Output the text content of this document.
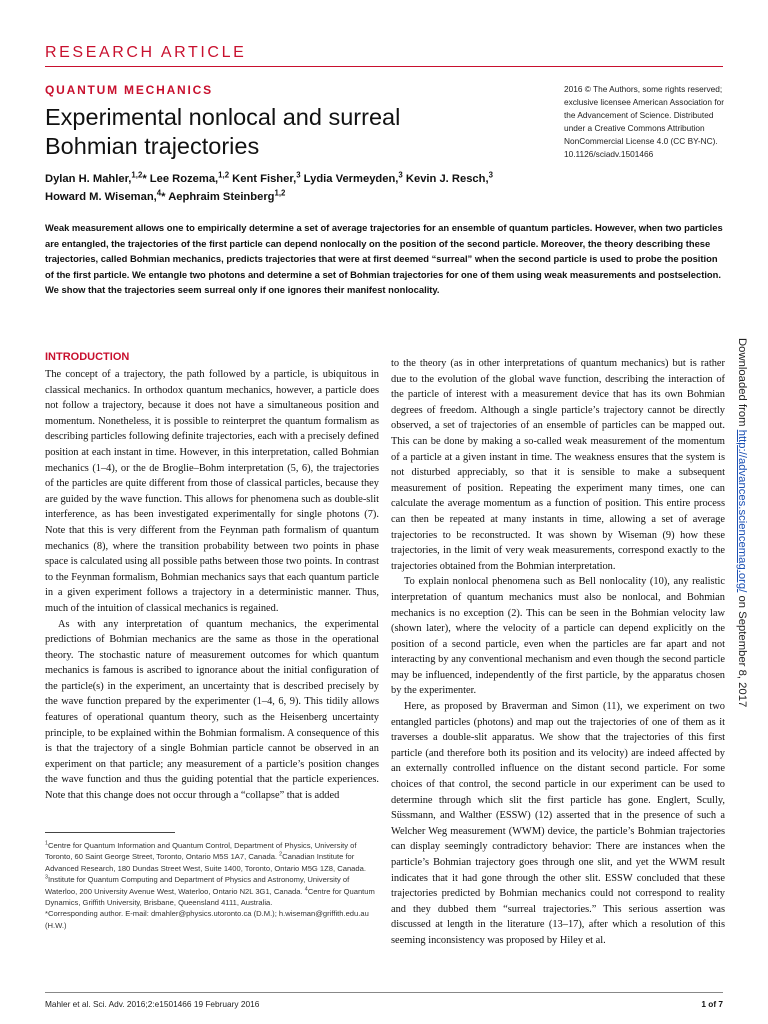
RESEARCH ARTICLE
QUANTUM MECHANICS
Experimental nonlocal and surreal
Bohmian trajectories
2016 © The Authors, some rights reserved;
exclusive licensee American Association for
the Advancement of Science. Distributed
under a Creative Commons Attribution
NonCommercial License 4.0 (CC BY-NC).
10.1126/sciadv.1501466
Dylan H. Mahler,$^{1,2}$* Lee Rozema,$^{1,2}$ Kent Fisher,$^3$ Lydia Vermeyden,$^3$ Kevin J. Resch,$^3$
Howard M. Wiseman,$^4$* Aephraim Steinberg$^{1,2}$

Weak measurement allows one to empirically determine a set of average trajectories for an ensemble of quantum particles. However, when two particles are entangled, the trajectories of the first particle can depend nonlocally on the position of the second particle. Moreover, the theory describing these trajectories, called Bohmian mechanics, predicts trajectories that were at first deemed “surreal” when the second particle is used to probe the position of the first particle. We entangle two photons and determine a set of Bohmian trajectories for one of them using weak measurements and postselection. We show that the trajectories seem surreal only if one ignores their manifest nonlocality.

INTRODUCTION

The concept of a trajectory, the path followed by a particle, is ubiquitous in classical mechanics. In orthodox quantum mechanics, however, a particle does not follow a trajectory, because it does not have a simultaneous position and momentum. Nonetheless, it is possible to reinterpret the quantum formalism as describing particles following definite trajectories, each with a precisely defined position at each instant in time. However, in this interpretation, called Bohmian mechanics (1–4), or the de Broglie–Bohm interpretation (5, 6), the trajectories of the particles are quite different from those of classical particles, because they are guided by the wave function. This allows for phenomena such as double-slit interference, as has been investigated experimentally for single photons (7). Note that this is very different from the Feynman path formalism of quantum mechanics (8), where the transition probability between two points in phase space is calculated using all possible paths between those two points. In contrast to the Feynman formalism, Bohmian mechanics says that each quantum particle in a given experiment follows a trajectory in a deterministic manner. Thus, much of the intuition of classical mechanics is regained.

As with any interpretation of quantum mechanics, the experimental predictions of Bohmian mechanics are the same as those in the operational theory. The stochastic nature of measurement outcomes for which quantum mechanics is famous is ascribed to ignorance about the initial configuration of the particle(s) in the experiment, an uncertainty that is described precisely by the wave function prepared by the experimenter (1–4, 6, 9). This tidily allows features of operational quantum theory, such as the Heisenberg uncertainty principle, to be explained within the Bohmian formalism. A consequence of this is that the trajectory of a single Bohmian particle cannot be observed in an experiment on that particle; any measurement of a particle’s position changes the wave function and thus the guiding potential that the particle experiences. Note that this change does not occur through a “collapse” that is added

to the theory (as in other interpretations of quantum mechanics) but is rather due to the evolution of the global wave function, describing the interaction of the particle of interest with a measurement device that has its own Bohmian degrees of freedom. Although a single particle’s trajectory cannot be directly observed, a set of trajectories of an ensemble of particles can be mapped out. This can be done by making a so-called weak measurement of the momentum of a particle at a given instant in time. The weakness ensures that the system is not disturbed appreciably, so that it is sensible to make a subsequent measurement of position. Repeating the experiment many times, one can calculate the average momentum as a function of position. This entire process can then be repeated at many instants in time, allowing a set of average trajectories to be reconstructed. It was shown by Wiseman (9) how these trajectories, in the limit of very weak measurements, correspond exactly to the trajectories obtained from the Bohmian interpretation.

To explain nonlocal phenomena such as Bell nonlocality (10), any realistic interpretation of quantum mechanics must also be nonlocal, and Bohmian mechanics is no exception (2). This can be seen in the Bohmian velocity law (shown later), where the velocity of a particle can depend explicitly on the position of a second particle, even when the particles are far apart and not interacting by any conventional mechanism and even though the second particle may be influenced, independently of the first particle, by the apparatus chosen by the experimenter.

Here, as proposed by Braverman and Simon (11), we experiment on two entangled particles (photons) and map out the trajectories of one of them as it traverses a double-slit apparatus. We show that the trajectories of this first particle (and therefore both its position and its velocity) are indeed affected by an externally controlled influence on the distant second particle. For some choices of that control, the second particle in our experiment can be used to determine through which slit the first particle has gone. Englert, Scully, Süssmann, and Walther (ESSW) (12) asserted that in the presence of such a Welcher Weg measurement (WWM) device, the particle’s Bohmian trajectories can display seemingly contradictory behavior: There are instances when the particle’s Bohmian trajectory goes through one slit, and yet the WWM result indicates that it had gone through the other slit. ESSW concluded that these trajectories predicted by Bohmian mechanics could not correspond to reality and they dubbed them “surreal trajectories.” This serious assertion was discussed at length in the literature (13–17), after which a resolution of this seeming inconsistency was proposed by Hiley et al.

$^1$Centre for Quantum Information and Quantum Control, Department of Physics, University of Toronto, 60 Saint George Street, Toronto, Ontario M5S 1A7, Canada. $^2$Canadian Institute for Advanced Research, 180 Dundas Street West, Suite 1400, Toronto, Ontario M5G 1Z8, Canada. $^3$Institute for Quantum Computing and Department of Physics and Astronomy, University of Waterloo, 200 University Avenue West, Waterloo, Ontario N2L 3G1, Canada. $^4$Centre for Quantum Dynamics, Griffith University, Brisbane, Queensland 4111, Australia.

*Corresponding author. E-mail: dmahler@physics.utoronto.ca (D.M.); h.wiseman@griffith.edu.au (H.W.)

Mahler et al. Sci. Adv. 2016;2:e1501466 19 February 2016	1 of 7
Downloaded from http://advances.sciencemag.org/ on September 8, 2017
